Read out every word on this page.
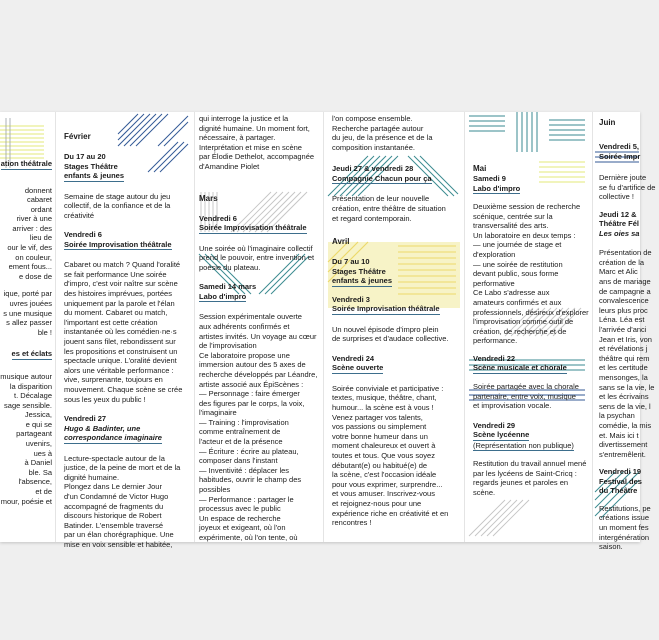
ation théâtrale
donnent
cabaret
ordant
river à une
arriver : des
lieu de
our le vif, des
on couleur,
ement fous...
e dose de
ique, porté par
uvres jouées
s une musique
s allez passer
ble !
es et éclats
musique autour
la disparition
t. Décalage
sage sensible.
Jessica,
e qui se
partageant
uvenirs,
ues à
à Daniel
ble. Sa
l'absence,
et de
mour, poésie et
Février
Du 17 au 20
Stages Théâtre
enfants & jeunes

Semaine de stage autour du jeu
collectif, de la confiance et de la
créativité

Vendredi 6
Soirée Improvisation théâtrale

Cabaret ou match ? Quand l'oralité
se fait performance Une soirée
d'impro, c'est voir naître sur scène
des histoires imprévues, portées
uniquement par la parole et l'élan
du moment. Cabaret ou match,
l'important est cette création
instantanée où les comédien·ne·s
jouent sans filet, rebondissent sur
les propositions et construisent un
spectacle unique. L'oralité devient
alors une véritable performance :
vive, surprenante, toujours en
mouvement. Chaque scène se crée
sous les yeux du public !

Vendredi 27
Hugo & Badinter, une
correspondance imaginaire

Lecture-spectacle autour de la
justice, de la peine de mort et de la
dignité humaine.
Plongez dans Le dernier Jour
d'un Condamné de Victor Hugo
accompagné de fragments du
discours historique de Robert
Batinder. L'ensemble traversé
par un élan chorégraphique. Une
mise en voix sensible et habitée,

qui interroge la justice et la
dignité humaine. Un moment fort,
nécessaire, à partager.
Interprétation et mise en scène
par Élodie Dethelot, accompagnée
d'Amandine Piolet

Mars
Vendredi 6
Soirée Improvisation théâtrale

Une soirée où l'imaginaire collectif
prend le pouvoir, entre invention et
poésie du plateau.

Samedi 14 mars
Labo d'impro

Session expérimentale ouverte
aux adhérents confirmés et
artistes invités. Un voyage au cœur
de l'improvisation
Ce laboratoire propose une
immersion autour des 5 axes de
recherche développés par Léandre,
artiste associé aux ÉpiScènes :
— Personnage : faire émerger
des figures par le corps, la voix,
l'imaginaire
— Training : l'improvisation
comme entraînement de
l'acteur et de la présence
— Écriture : écrire au plateau,
composer dans l'instant
— Inventivité : déplacer les
habitudes, ouvrir le champ des
possibles
— Performance : partager le
processus avec le public
Un espace de recherche
joyeux et exigeant, où l'on
expérimente, où l'on tente, où

l'on compose ensemble.
Recherche partagée autour
du jeu, de la présence et de la
composition instantanée.

Jeudi 27 & vendredi 28
Compagnie Chacun pour ça

Présentation de leur nouvelle
création, entre théâtre de situation
et regard contemporain.

Avril
Du 7 au 10
Stages Théâtre
enfants & jeunes
Vendredi 3
Soirée Improvisation théâtrale

Un nouvel épisode d'impro plein
de surprises et d'audace collective.

Vendredi 24
Scène ouverte

Soirée conviviale et participative :
textes, musique, théâtre, chant,
humour... la scène est à vous !
Venez partager vos talents,
vos passions ou simplement
votre bonne humeur dans un
moment chaleureux et ouvert à
toutes et tous. Que vous soyez
débutant(e) ou habitué(e) de
la scène, c'est l'occasion idéale
pour vous exprimer, surprendre...
et vous amuser. Inscrivez-vous
et rejoignez-nous pour une
expérience riche en créativité et en
rencontres !

Mai
Samedi 9
Labo d'impro

Deuxième session de recherche
scénique, centrée sur la
transversalité des arts.
Un laboratoire en deux temps :
— une journée de stage et
d'exploration
— une soirée de restitution
devant public, sous forme
performative
Ce Labo s'adresse aux
amateurs confirmés et aux
professionnels, désireux d'explorer
l'improvisation comme outil de
création, de recherche et de
performance.

Vendredi 22
Scène musicale et chorale

Soirée partagée avec la chorale
partenaire, entre voix, musique
et improvisation vocale.

Vendredi 29
Scène lycéenne
(Représentation non publique)

Restitution du travail annuel mené
par les lycéens de Saint-Cricq :
regards jeunes et paroles en
scène.

Juin
Vendredi 5,
Soirée Impr
Dernière joute
se fu d'artifice de
collective !
Jeudi 12 &
Théâtre Fél
Les oies sa
Présentation de
création de la
Marc et Alic
ans de mariage
de campagne a
convalescence
leurs plus proc
Léna. Léa est
l'arrivée d'anci
Jean et Iris, von
et révélations j
théâtre qui rem
et les certitude
mensonges, la
sans se la vie, le
et les écrivains
sens de la vie, l
la psychan
comédie, la mis
et. Mais ici t
divertissement
s'entremêlent.
Vendredi 19
Festival des
du Théâtre
Restitutions, pe
créations issue
un moment fes
intergénération
saison.
